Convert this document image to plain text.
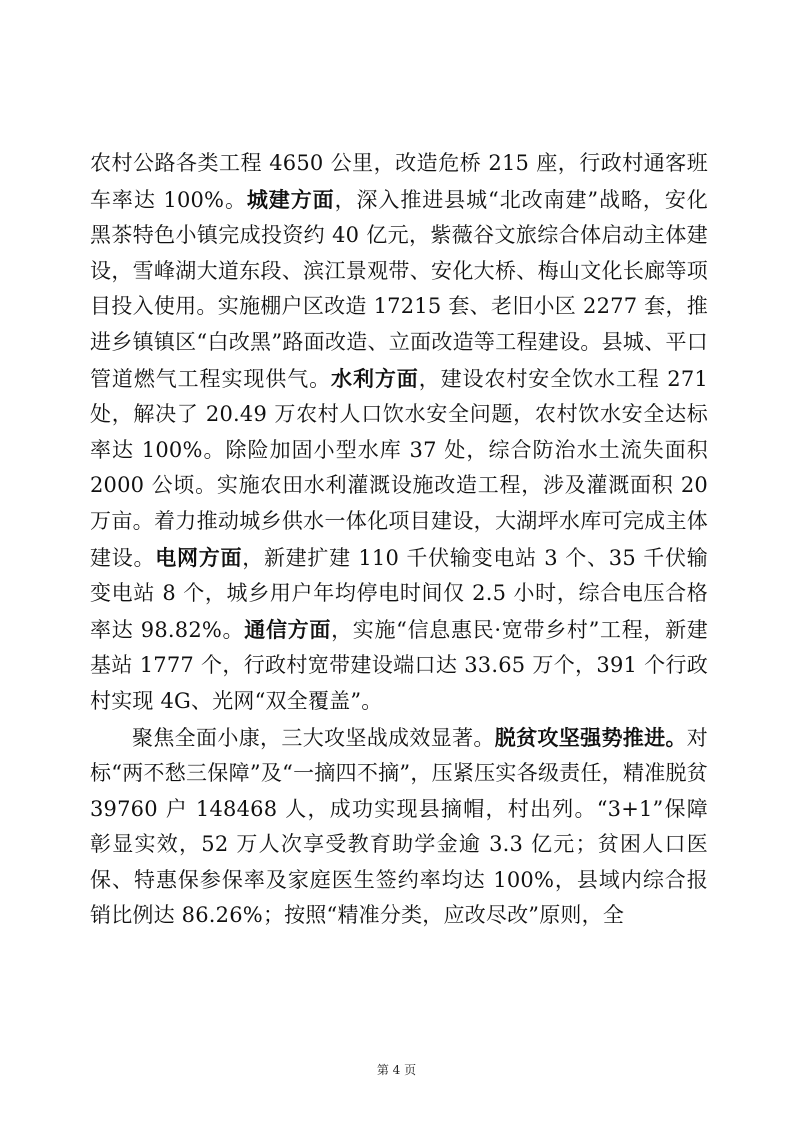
农村公路各类工程 4650 公里，改造危桥 215 座，行政村通客班车率达 100%。城建方面，深入推进县城“北改南建”战略，安化黑茶特色小镇完成投资约 40 亿元，紫薇谷文旅综合体启动主体建设，雪峰湖大道东段、滨江景观带、安化大桥、梅山文化长廊等项目投入使用。实施棚户区改造 17215 套、老旧小区 2277 套，推进乡镇镇区“白改黑”路面改造、立面改造等工程建设。县城、平口管道燃气工程实现供气。水利方面，建设农村安全饮水工程 271 处，解决了 20.49 万农村人口饮水安全问题，农村饮水安全达标率达 100%。除险加固小型水库 37 处，综合防治水土流失面积 2000 公顷。实施农田水利灌溉设施改造工程，涉及灌溉面积 20 万亩。着力推动城乡供水一体化项目建设，大湖坪水库可完成主体建设。电网方面，新建扩建 110 千伏输变电站 3 个、35 千伏输变电站 8 个，城乡用户年均停电时间仅 2.5 小时，综合电压合格率达 98.82%。通信方面，实施“信息惠民·宽带乡村”工程，新建基站 1777 个，行政村宽带建设端口达 33.65 万个，391 个行政村实现 4G、光网“双全覆盖”。

聚焦全面小康，三大攻坚战成效显著。脱贫攻坚强势推进。对标“两不愁三保障”及“一摘四不摘”，压紧压实各级责任，精准脱贫 39760 户 148468 人，成功实现县摘帽，村出列。“3+1”保障彰显实效，52 万人次享受教育助学金逾 3.3 亿元；贫困人口医保、特惠保参保率及家庭医生签约率均达 100%，县域内综合报销比例达 86.26%；按照“精准分类，应改尽改”原则，全

第 4 页
